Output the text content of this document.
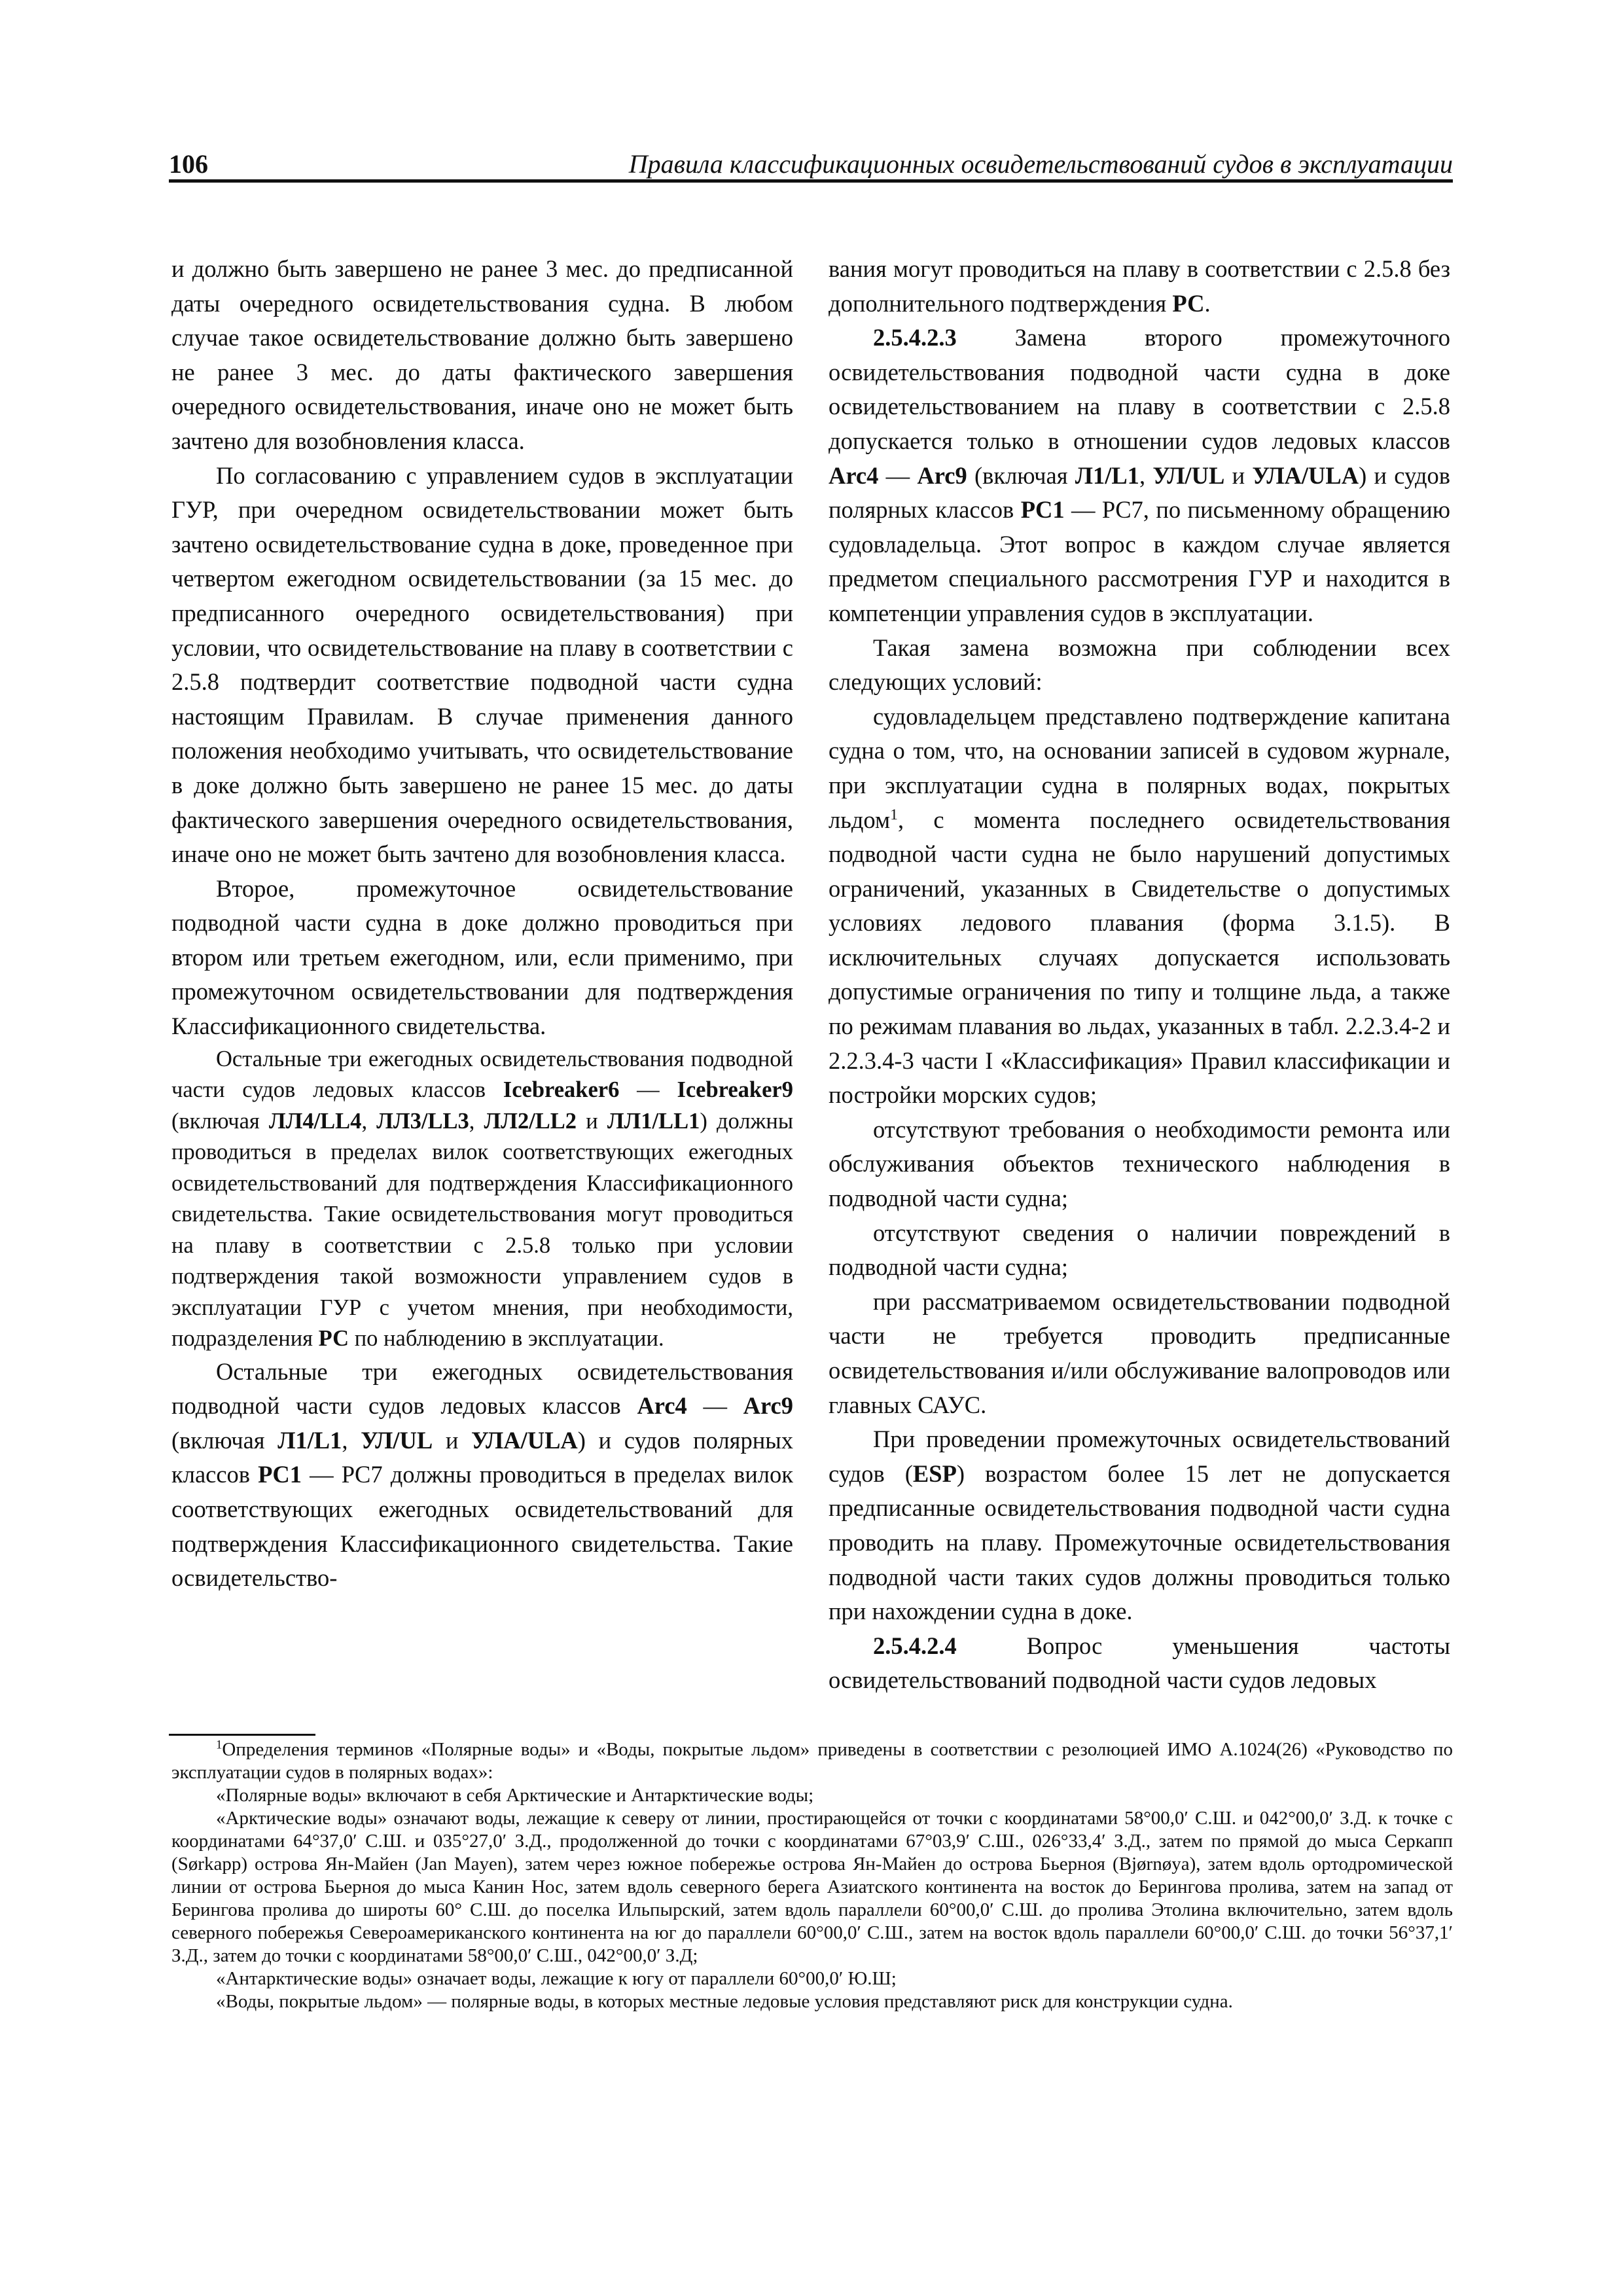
106	Правила классификационных освидетельствований судов в эксплуатации

и должно быть завершено не ранее 3 мес. до предписанной даты очередного освидетельствования судна. В любом случае такое освидетельствование должно быть завершено не ранее 3 мес. до даты фактического завершения очередного освидетельствования, иначе оно не может быть зачтено для возобновления класса.

По согласованию с управлением судов в эксплуатации ГУР, при очередном освидетельствовании может быть зачтено освидетельствование судна в доке, проведенное при четвертом ежегодном освидетельствовании (за 15 мес. до предписанного очередного освидетельствования) при условии, что освидетельствование на плаву в соответствии с 2.5.8 подтвердит соответствие подводной части судна настоящим Правилам. В случае применения данного положения необходимо учитывать, что освидетельствование в доке должно быть завершено не ранее 15 мес. до даты фактического завершения очередного освидетельствования, иначе оно не может быть зачтено для возобновления класса.

Второе, промежуточное освидетельствование подводной части судна в доке должно проводиться при втором или третьем ежегодном, или, если применимо, при промежуточном освидетельствовании для подтверждения Классификационного свидетельства.

Остальные три ежегодных освидетельствования подводной части судов ледовых классов Icebreaker6 — Icebreaker9 (включая ЛЛ4/LL4, ЛЛ3/LL3, ЛЛ2/LL2 и ЛЛ1/LL1) должны проводиться в пределах вилок соответствующих ежегодных освидетельствований для подтверждения Классификационного свидетельства. Такие освидетельствования могут проводиться на плаву в соответствии с 2.5.8 только при условии подтверждения такой возможности управлением судов в эксплуатации ГУР с учетом мнения, при необходимости, подразделения РС по наблюдению в эксплуатации.

Остальные три ежегодных освидетельствования подводной части судов ледовых классов Arc4 — Arc9 (включая Л1/L1, УЛ/UL и УЛА/ULA) и судов полярных классов PC1 — PC7 должны проводиться в пределах вилок соответствующих ежегодных освидетельствований для подтверждения Классификационного свидетельства. Такие освидетельство-

вания могут проводиться на плаву в соответствии с 2.5.8 без дополнительного подтверждения РС.

2.5.4.2.3 Замена второго промежуточного освидетельствования подводной части судна в доке освидетельствованием на плаву в соответствии с 2.5.8 допускается только в отношении судов ледовых классов Arc4 — Arc9 (включая Л1/L1, УЛ/UL и УЛА/ULA) и судов полярных классов PC1 — PC7, по письменному обращению судовладельца. Этот вопрос в каждом случае является предметом специального рассмотрения ГУР и находится в компетенции управления судов в эксплуатации.

Такая замена возможна при соблюдении всех следующих условий:

судовладельцем представлено подтверждение капитана судна о том, что, на основании записей в судовом журнале, при эксплуатации судна в полярных водах, покрытых льдом$^1$, с момента последнего освидетельствования подводной части судна не было нарушений допустимых ограничений, указанных в Свидетельстве о допустимых условиях ледового плавания (форма 3.1.5). В исключительных случаях допускается использовать допустимые ограничения по типу и толщине льда, а также по режимам плавания во льдах, указанных в табл. 2.2.3.4-2 и 2.2.3.4-3 части I «Классификация» Правил классификации и постройки морских судов;

отсутствуют требования о необходимости ремонта или обслуживания объектов технического наблюдения в подводной части судна;

отсутствуют сведения о наличии повреждений в подводной части судна;

при рассматриваемом освидетельствовании подводной части не требуется проводить предписанные освидетельствования и/или обслуживание валопроводов или главных САУС.

При проведении промежуточных освидетельствований судов (ESP) возрастом более 15 лет не допускается предписанные освидетельствования подводной части судна проводить на плаву. Промежуточные освидетельствования подводной части таких судов должны проводиться только при нахождении судна в доке.

2.5.4.2.4 Вопрос уменьшения частоты освидетельствований подводной части судов ледовых

$^1$Определения терминов «Полярные воды» и «Воды, покрытые льдом» приведены в соответствии с резолюцией ИМО A.1024(26) «Руководство по эксплуатации судов в полярных водах»:

«Полярные воды» включают в себя Арктические и Антарктические воды;

«Арктические воды» означают воды, лежащие к северу от линии, простирающейся от точки с координатами 58°00,0′ С.Ш. и 042°00,0′ З.Д. к точке с координатами 64°37,0′ С.Ш. и 035°27,0′ З.Д., продолженной до точки с координатами 67°03,9′ С.Ш., 026°33,4′ З.Д., затем по прямой до мыса Серкапп (Sørkapp) острова Ян-Майен (Jan Mayen), затем через южное побережье острова Ян-Майен до острова Бьерноя (Bjørnøya), затем вдоль ортодромической линии от острова Бьерноя до мыса Канин Нос, затем вдоль северного берега Азиатского континента на восток до Берингова пролива, затем на запад от Берингова пролива до широты 60° С.Ш. до поселка Ильпырский, затем вдоль параллели 60°00,0′ С.Ш. до пролива Этолина включительно, затем вдоль северного побережья Североамериканского континента на юг до параллели 60°00,0′ С.Ш., затем на восток вдоль параллели 60°00,0′ С.Ш. до точки 56°37,1′ З.Д., затем до точки с координатами 58°00,0′ С.Ш., 042°00,0′ З.Д;

«Антарктические воды» означает воды, лежащие к югу от параллели 60°00,0′ Ю.Ш;

«Воды, покрытые льдом» — полярные воды, в которых местные ледовые условия представляют риск для конструкции судна.
